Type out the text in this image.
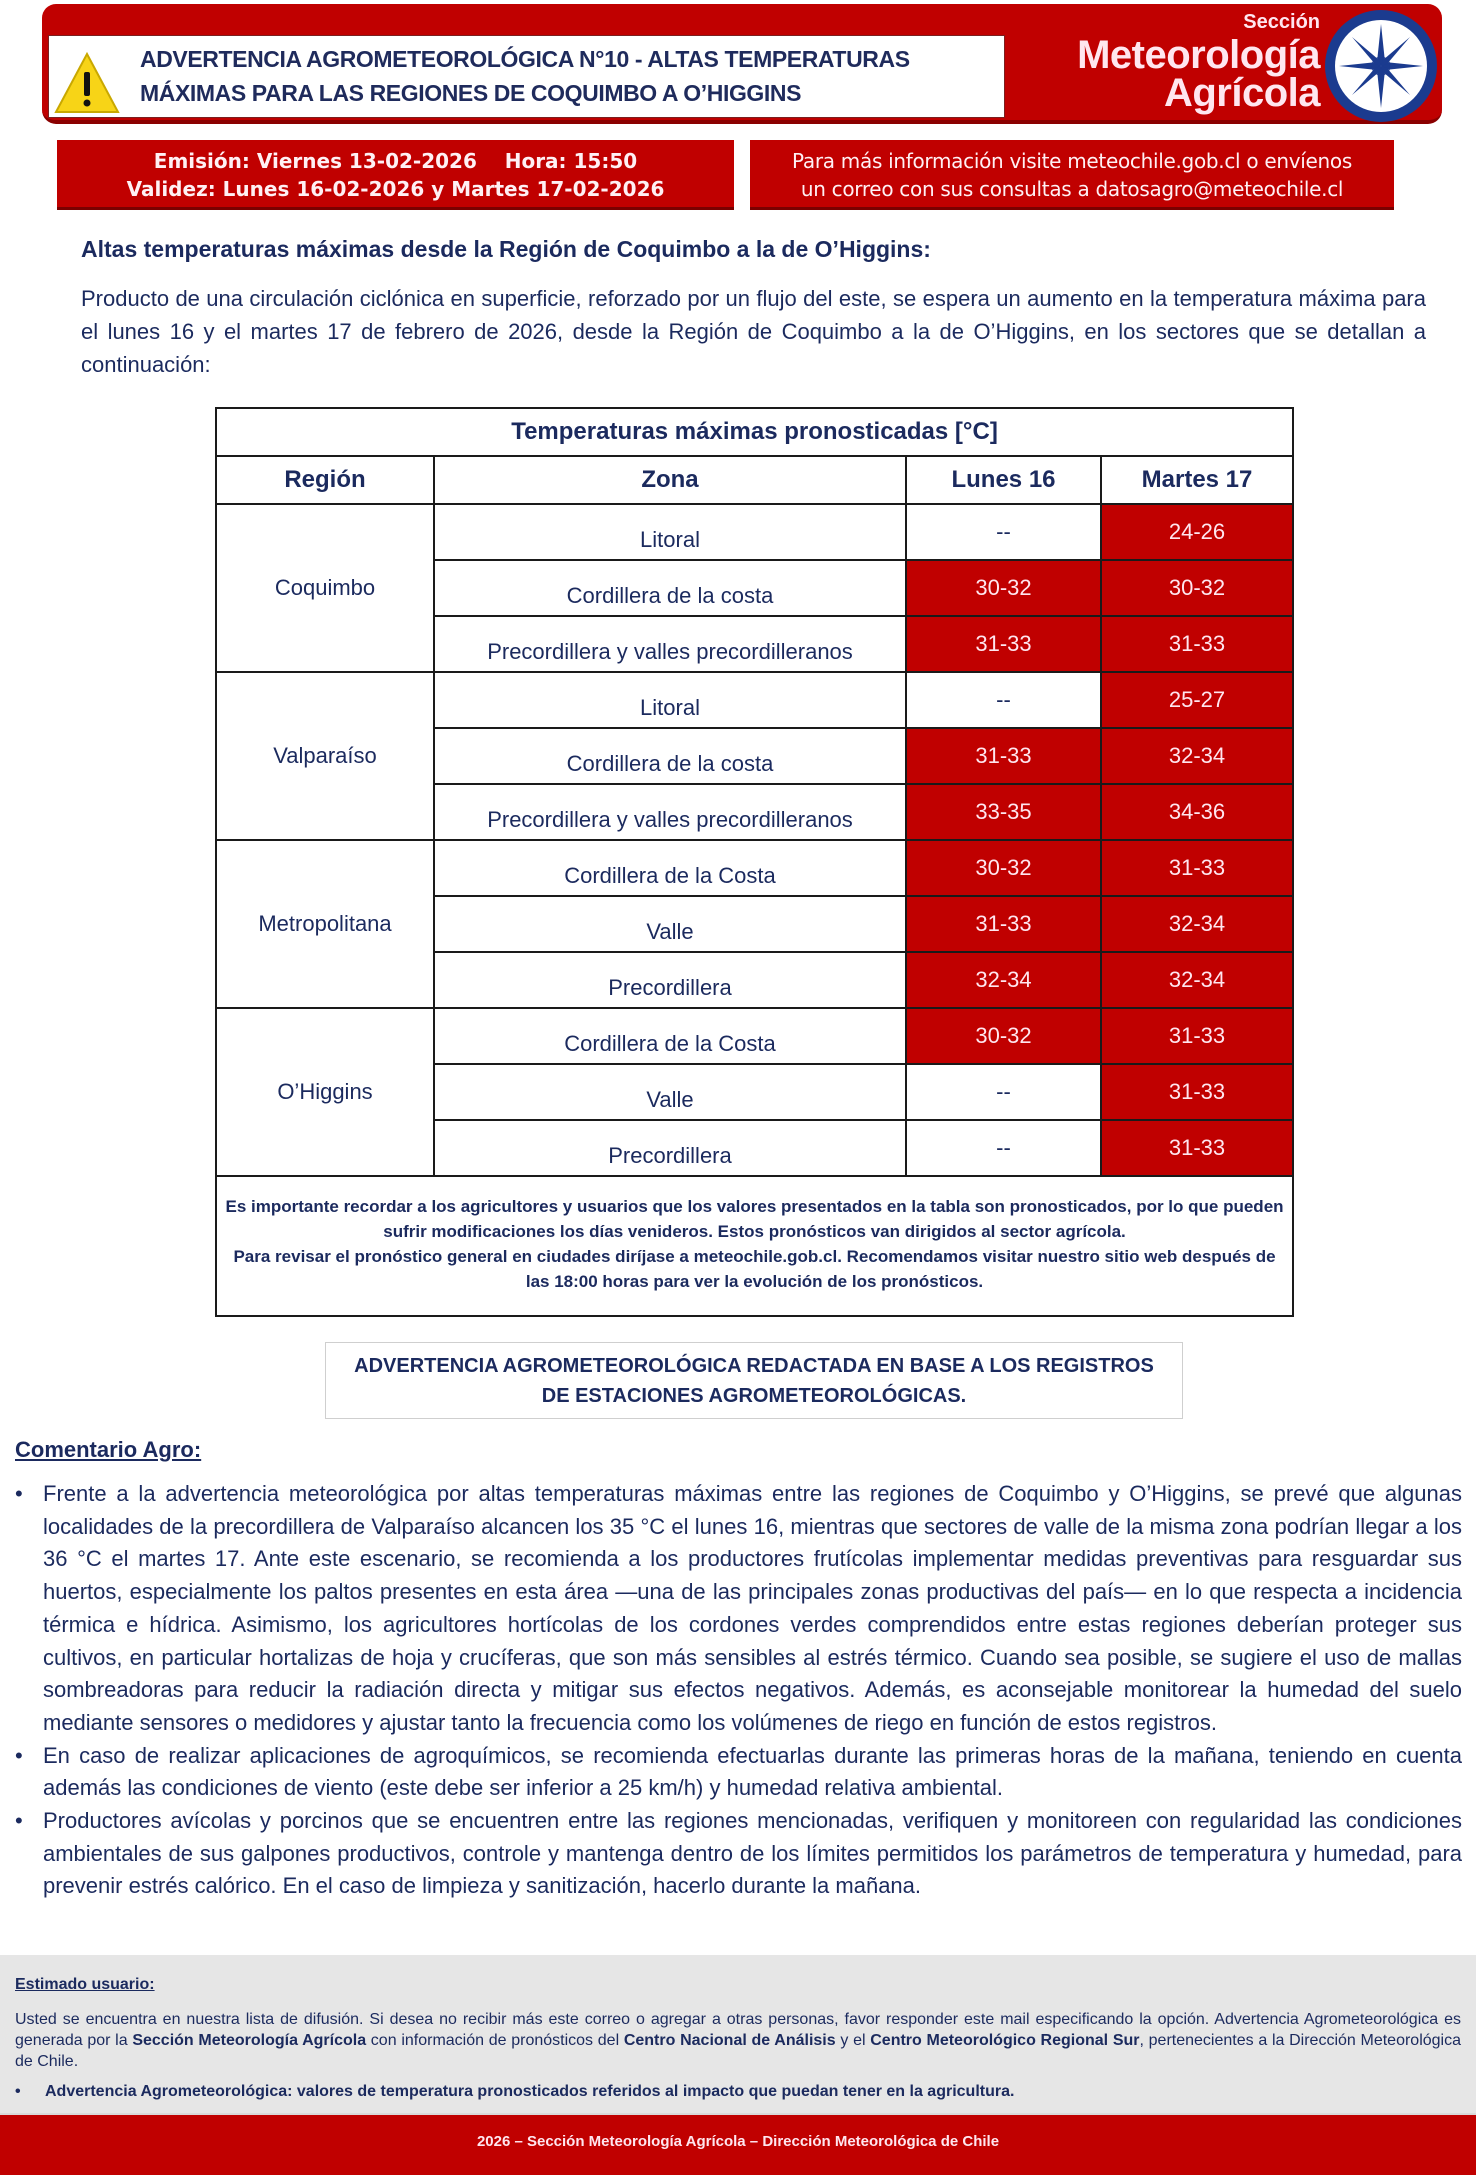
ADVERTENCIA AGROMETEOROLÓGICA N°10 - ALTAS TEMPERATURAS
MÁXIMAS PARA LAS REGIONES DE COQUIMBO A O’HIGGINS
Sección
Meteorología
Agrícola
Emisión: Viernes 13-02-2026    Hora: 15:50
Validez: Lunes 16-02-2026 y Martes 17-02-2026
Para más información visite meteochile.gob.cl o envíenos
un correo con sus consultas a datosagro@meteochile.cl
Altas temperaturas máximas desde la Región de Coquimbo a la de O’Higgins:
Producto de una circulación ciclónica en superficie, reforzado por un flujo del este, se espera un aumento en la temperatura máxima para el lunes 16 y el martes 17 de febrero de 2026, desde la Región de Coquimbo a la de O’Higgins, en los sectores que se detallan a continuación:
Temperaturas máximas pronosticadas [°C]			
Región	Zona	Lunes 16	Martes 17
Coquimbo	Litoral	--	24-26
	Cordillera de la costa	30-32	30-32
	Precordillera y valles precordilleranos	31-33	31-33
Valparaíso	Litoral	--	25-27
	Cordillera de la costa	31-33	32-34
	Precordillera y valles precordilleranos	33-35	34-36
Metropolitana	Cordillera de la Costa	30-32	31-33
	Valle	31-33	32-34
	Precordillera	32-34	32-34
O’Higgins	Cordillera de la Costa	30-32	31-33
	Valle	--	31-33
	Precordillera	--	31-33

Es importante recordar a los agricultores y usuarios que los valores presentados en la tabla son pronosticados, por lo que pueden sufrir modificaciones los días venideros. Estos pronósticos van dirigidos al sector agrícola.
Para revisar el pronóstico general en ciudades diríjase a meteochile.gob.cl. Recomendamos visitar nuestro sitio web después de las 18:00 horas para ver la evolución de los pronósticos.			
ADVERTENCIA AGROMETEOROLÓGICA REDACTADA EN BASE A LOS REGISTROS
DE ESTACIONES AGROMETEOROLÓGICAS.
Comentario Agro:
• Frente a la advertencia meteorológica por altas temperaturas máximas entre las regiones de Coquimbo y O’Higgins, se prevé que algunas localidades de la precordillera de Valparaíso alcancen los 35 °C el lunes 16, mientras que sectores de valle de la misma zona podrían llegar a los 36 °C el martes 17. Ante este escenario, se recomienda a los productores frutícolas implementar medidas preventivas para resguardar sus huertos, especialmente los paltos presentes en esta área —una de las principales zonas productivas del país— en lo que respecta a incidencia térmica e hídrica. Asimismo, los agricultores hortícolas de los cordones verdes comprendidos entre estas regiones deberían proteger sus cultivos, en particular hortalizas de hoja y crucíferas, que son más sensibles al estrés térmico. Cuando sea posible, se sugiere el uso de mallas sombreadoras para reducir la radiación directa y mitigar sus efectos negativos. Además, es aconsejable monitorear la humedad del suelo mediante sensores o medidores y ajustar tanto la frecuencia como los volúmenes de riego en función de estos registros.
• En caso de realizar aplicaciones de agroquímicos, se recomienda efectuarlas durante las primeras horas de la mañana, teniendo en cuenta además las condiciones de viento (este debe ser inferior a 25 km/h) y humedad relativa ambiental.
• Productores avícolas y porcinos que se encuentren entre las regiones mencionadas, verifiquen y monitoreen con regularidad las condiciones ambientales de sus galpones productivos, controle y mantenga dentro de los límites permitidos los parámetros de temperatura y humedad, para prevenir estrés calórico. En el caso de limpieza y sanitización, hacerlo durante la mañana.
Estimado usuario:
Usted se encuentra en nuestra lista de difusión. Si desea no recibir más este correo o agregar a otras personas, favor responder este mail especificando la opción. Advertencia Agrometeorológica es generada por la Sección Meteorología Agrícola con información de pronósticos del Centro Nacional de Análisis y el Centro Meteorológico Regional Sur, pertenecientes a la Dirección Meteorológica de Chile.
• Advertencia Agrometeorológica: valores de temperatura pronosticados referidos al impacto que puedan tener en la agricultura.
2026 – Sección Meteorología Agrícola – Dirección Meteorológica de Chile
